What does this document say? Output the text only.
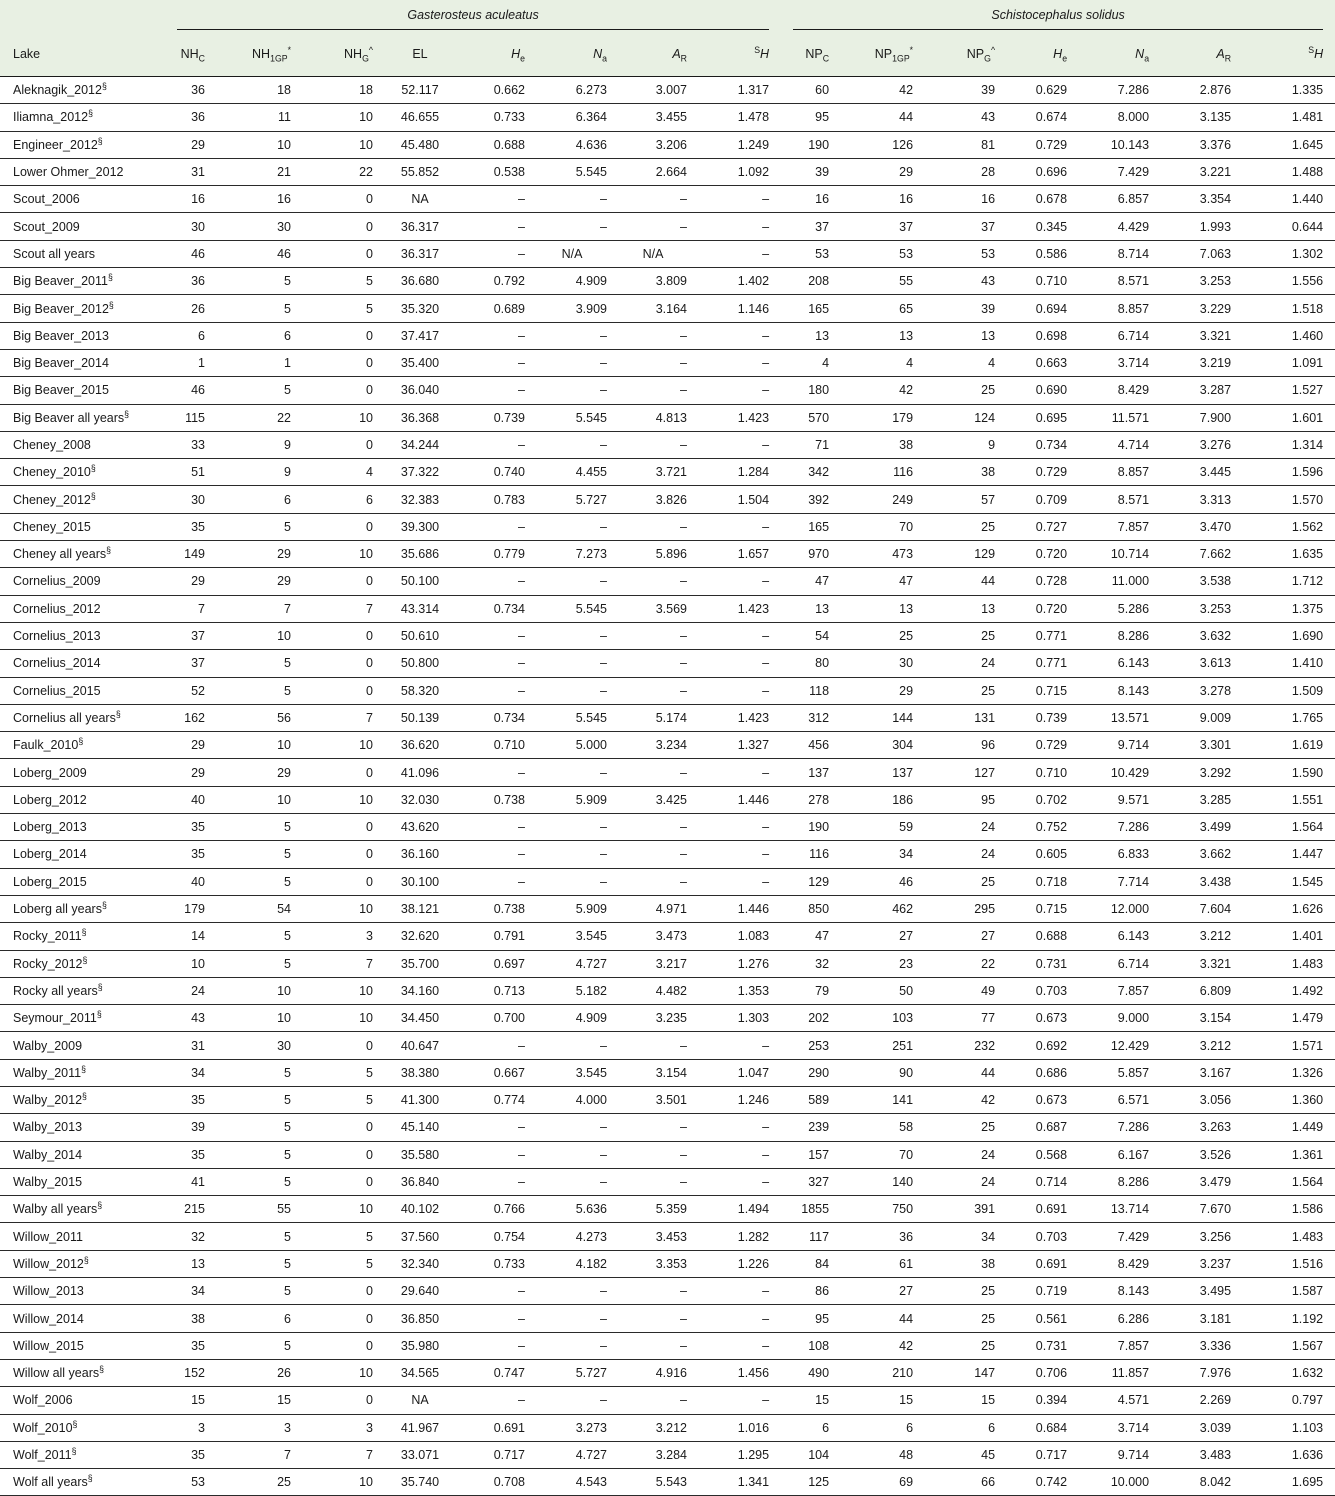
	Gasterosteus aculeatus								Schistocephalus solidus						

Lake	$NH_C$	$NH_{1GP}^*$	$NH_G^{\^{}}$	EL	$H_e$	$N_a$	$A_R$	$^S$H	$NP_C$	$NP_{1GP}^*$	$NP_G^{\^{}}$	$H_e$	$N_a$	$A_R$	$^S$H
Aleknagik_2012§	36	18	18	52.117	0.662	6.273	3.007	1.317	60	42	39	0.629	7.286	2.876	1.335
Iliamna_2012§	36	11	10	46.655	0.733	6.364	3.455	1.478	95	44	43	0.674	8.000	3.135	1.481
Engineer_2012§	29	10	10	45.480	0.688	4.636	3.206	1.249	190	126	81	0.729	10.143	3.376	1.645
Lower Ohmer_2012	31	21	22	55.852	0.538	5.545	2.664	1.092	39	29	28	0.696	7.429	3.221	1.488
Scout_2006	16	16	0	NA	–	–	–	–	16	16	16	0.678	6.857	3.354	1.440
Scout_2009	30	30	0	36.317	–	–	–	–	37	37	37	0.345	4.429	1.993	0.644
Scout all years	46	46	0	36.317	–	N/A	N/A	–	53	53	53	0.586	8.714	7.063	1.302
Big Beaver_2011§	36	5	5	36.680	0.792	4.909	3.809	1.402	208	55	43	0.710	8.571	3.253	1.556
Big Beaver_2012§	26	5	5	35.320	0.689	3.909	3.164	1.146	165	65	39	0.694	8.857	3.229	1.518
Big Beaver_2013	6	6	0	37.417	–	–	–	–	13	13	13	0.698	6.714	3.321	1.460
Big Beaver_2014	1	1	0	35.400	–	–	–	–	4	4	4	0.663	3.714	3.219	1.091
Big Beaver_2015	46	5	0	36.040	–	–	–	–	180	42	25	0.690	8.429	3.287	1.527
Big Beaver all years§	115	22	10	36.368	0.739	5.545	4.813	1.423	570	179	124	0.695	11.571	7.900	1.601
Cheney_2008	33	9	0	34.244	–	–	–	–	71	38	9	0.734	4.714	3.276	1.314
Cheney_2010§	51	9	4	37.322	0.740	4.455	3.721	1.284	342	116	38	0.729	8.857	3.445	1.596
Cheney_2012§	30	6	6	32.383	0.783	5.727	3.826	1.504	392	249	57	0.709	8.571	3.313	1.570
Cheney_2015	35	5	0	39.300	–	–	–	–	165	70	25	0.727	7.857	3.470	1.562
Cheney all years§	149	29	10	35.686	0.779	7.273	5.896	1.657	970	473	129	0.720	10.714	7.662	1.635
Cornelius_2009	29	29	0	50.100	–	–	–	–	47	47	44	0.728	11.000	3.538	1.712
Cornelius_2012	7	7	7	43.314	0.734	5.545	3.569	1.423	13	13	13	0.720	5.286	3.253	1.375
Cornelius_2013	37	10	0	50.610	–	–	–	–	54	25	25	0.771	8.286	3.632	1.690
Cornelius_2014	37	5	0	50.800	–	–	–	–	80	30	24	0.771	6.143	3.613	1.410
Cornelius_2015	52	5	0	58.320	–	–	–	–	118	29	25	0.715	8.143	3.278	1.509
Cornelius all years§	162	56	7	50.139	0.734	5.545	5.174	1.423	312	144	131	0.739	13.571	9.009	1.765
Faulk_2010§	29	10	10	36.620	0.710	5.000	3.234	1.327	456	304	96	0.729	9.714	3.301	1.619
Loberg_2009	29	29	0	41.096	–	–	–	–	137	137	127	0.710	10.429	3.292	1.590
Loberg_2012	40	10	10	32.030	0.738	5.909	3.425	1.446	278	186	95	0.702	9.571	3.285	1.551
Loberg_2013	35	5	0	43.620	–	–	–	–	190	59	24	0.752	7.286	3.499	1.564
Loberg_2014	35	5	0	36.160	–	–	–	–	116	34	24	0.605	6.833	3.662	1.447
Loberg_2015	40	5	0	30.100	–	–	–	–	129	46	25	0.718	7.714	3.438	1.545
Loberg all years§	179	54	10	38.121	0.738	5.909	4.971	1.446	850	462	295	0.715	12.000	7.604	1.626
Rocky_2011§	14	5	3	32.620	0.791	3.545	3.473	1.083	47	27	27	0.688	6.143	3.212	1.401
Rocky_2012§	10	5	7	35.700	0.697	4.727	3.217	1.276	32	23	22	0.731	6.714	3.321	1.483
Rocky all years§	24	10	10	34.160	0.713	5.182	4.482	1.353	79	50	49	0.703	7.857	6.809	1.492
Seymour_2011§	43	10	10	34.450	0.700	4.909	3.235	1.303	202	103	77	0.673	9.000	3.154	1.479
Walby_2009	31	30	0	40.647	–	–	–	–	253	251	232	0.692	12.429	3.212	1.571
Walby_2011§	34	5	5	38.380	0.667	3.545	3.154	1.047	290	90	44	0.686	5.857	3.167	1.326
Walby_2012§	35	5	5	41.300	0.774	4.000	3.501	1.246	589	141	42	0.673	6.571	3.056	1.360
Walby_2013	39	5	0	45.140	–	–	–	–	239	58	25	0.687	7.286	3.263	1.449
Walby_2014	35	5	0	35.580	–	–	–	–	157	70	24	0.568	6.167	3.526	1.361
Walby_2015	41	5	0	36.840	–	–	–	–	327	140	24	0.714	8.286	3.479	1.564
Walby all years§	215	55	10	40.102	0.766	5.636	5.359	1.494	1855	750	391	0.691	13.714	7.670	1.586
Willow_2011	32	5	5	37.560	0.754	4.273	3.453	1.282	117	36	34	0.703	7.429	3.256	1.483
Willow_2012§	13	5	5	32.340	0.733	4.182	3.353	1.226	84	61	38	0.691	8.429	3.237	1.516
Willow_2013	34	5	0	29.640	–	–	–	–	86	27	25	0.719	8.143	3.495	1.587
Willow_2014	38	6	0	36.850	–	–	–	–	95	44	25	0.561	6.286	3.181	1.192
Willow_2015	35	5	0	35.980	–	–	–	–	108	42	25	0.731	7.857	3.336	1.567
Willow all years§	152	26	10	34.565	0.747	5.727	4.916	1.456	490	210	147	0.706	11.857	7.976	1.632
Wolf_2006	15	15	0	NA	–	–	–	–	15	15	15	0.394	4.571	2.269	0.797
Wolf_2010§	3	3	3	41.967	0.691	3.273	3.212	1.016	6	6	6	0.684	3.714	3.039	1.103
Wolf_2011§	35	7	7	33.071	0.717	4.727	3.284	1.295	104	48	45	0.717	9.714	3.483	1.636
Wolf all years§	53	25	10	35.740	0.708	4.543	5.543	1.341	125	69	66	0.742	10.000	8.042	1.695
